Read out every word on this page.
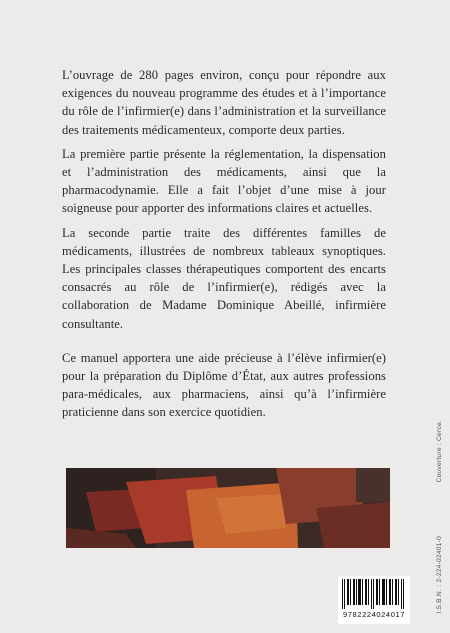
L’ouvrage de 280 pages environ, conçu pour répondre aux exigences du nouveau programme des études et à l’importance du rôle de l’infirmier(e) dans l’administration et la surveillance des traitements médicamenteux, comporte deux parties.

La première partie présente la réglementation, la dispensation et l’administration des médicaments, ainsi que la pharmacodynamie. Elle a fait l’objet d’une mise à jour soigneuse pour apporter des informations claires et actuelles.

La seconde partie traite des différentes familles de médicaments, illustrées de nombreux tableaux synoptiques. Les principales classes thérapeutiques comportent des encarts consacrés au rôle de l’infirmier(e), rédigés avec la collaboration de Madame Dominique Abeillé, infirmière consultante.

Ce manuel apportera une aide précieuse à l’élève infirmier(e) pour la préparation du Diplôme d’État, aux autres professions para-médicales, aux pharmaciens, ainsi qu’à l’infirmière praticienne dans son exercice quotidien.

Couverture : Cerce.
I.S.B.N. : 2-224-02401-0
9782224024017
